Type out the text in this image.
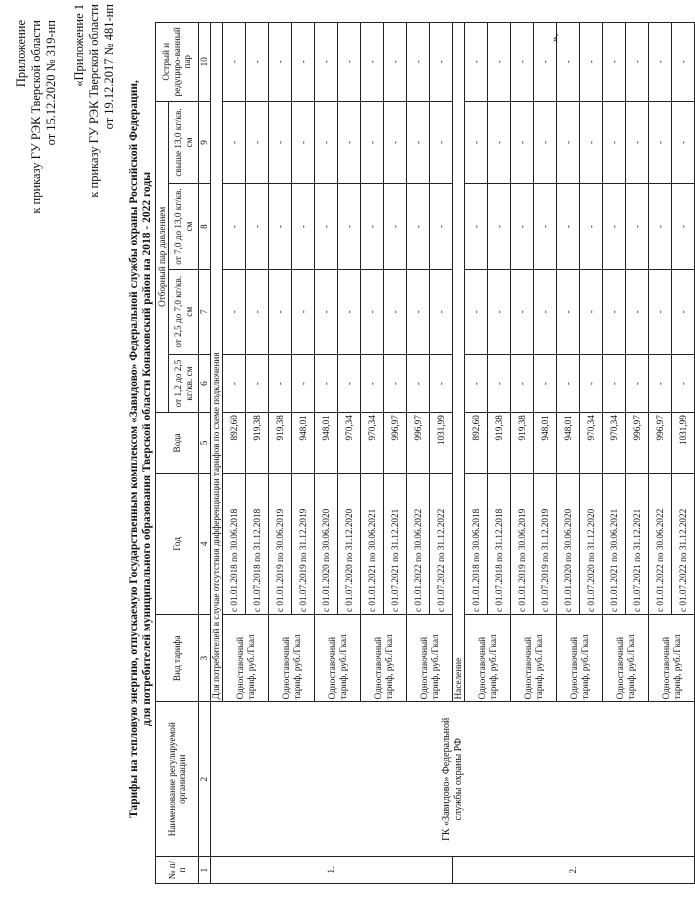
Приложение к приказу ГУ РЭК Тверской области от 15.12.2020 № 319-нп «Приложение 1 к приказу ГУ РЭК Тверской области от 19.12.2017 № 481-нп
Тарифы на тепловую энергию, отпускаемую Государственным комплексом «Завидово» Федеральной службы охраны Российской Федерации, для потребителей муниципального образования Тверской области Конаковский район на 2018 - 2022 годы
№ п/п	Наименование регулируемой организации	Вид тарифа	Год	Вода	Отборный пар давлением				Острый и редуциро-ванный пар
					от 1,2 до 2,5 кг/кв. см	от 2,5 до 7,0 кг/кв. см	от 7,0 до 13,0 кг/кв. см	свыше 13,0 кг/кв. см	
1	2	3	4	5	6	7	8	9	10
1.	ГК «Завидово» Федеральной службы охраны РФ	Для потребителей в случае отсутствия дифференциации тарифов по схеме подключения							
		Одноставочный тариф, руб./Гкал	с 01.01.2018 по 30.06.2018	892,60	-	-	-	-	-
			с 01.07.2018 по 31.12.2018	919,38	-	-	-	-	-
		Одноставочный тариф, руб./Гкал	с 01.01.2019 по 30.06.2019	919,38	-	-	-	-	-
			с 01.07.2019 по 31.12.2019	948,01	-	-	-	-	-
		Одноставочный тариф, руб./Гкал	с 01.01.2020 по 30.06.2020	948,01	-	-	-	-	-
			с 01.07.2020 по 31.12.2020	970,34	-	-	-	-	-
		Одноставочный тариф, руб./Гкал	с 01.01.2021 по 30.06.2021	970,34	-	-	-	-	-
			с 01.07.2021 по 31.12.2021	996,97	-	-	-	-	-
		Одноставочный тариф, руб./Гкал	с 01.01.2022 по 30.06.2022	996,97	-	-	-	-	-
			с 01.07.2022 по 31.12.2022	1031,99	-	-	-	-	-
2.		Население							
		Одноставочный тариф, руб./Гкал	с 01.01.2018 по 30.06.2018	892,60	-	-	-	-	-
			с 01.07.2018 по 31.12.2018	919,38	-	-	-	-	-
		Одноставочный тариф, руб./Гкал	с 01.01.2019 по 30.06.2019	919,38	-	-	-	-	-
			с 01.07.2019 по 31.12.2019	948,01	-	-	-	-	-
		Одноставочный тариф, руб./Гкал	с 01.01.2020 по 30.06.2020	948,01	-	-	-	-	-
			с 01.07.2020 по 31.12.2020	970,34	-	-	-	-	-
		Одноставочный тариф, руб./Гкал	с 01.01.2021 по 30.06.2021	970,34	-	-	-	-	-
			с 01.07.2021 по 31.12.2021	996,97	-	-	-	-	-
		Одноставочный тариф, руб./Гкал	с 01.01.2022 по 30.06.2022	996,97	-	-	-	-	-
			с 01.07.2022 по 31.12.2022	1031,99	-	-	-	-	-
».
